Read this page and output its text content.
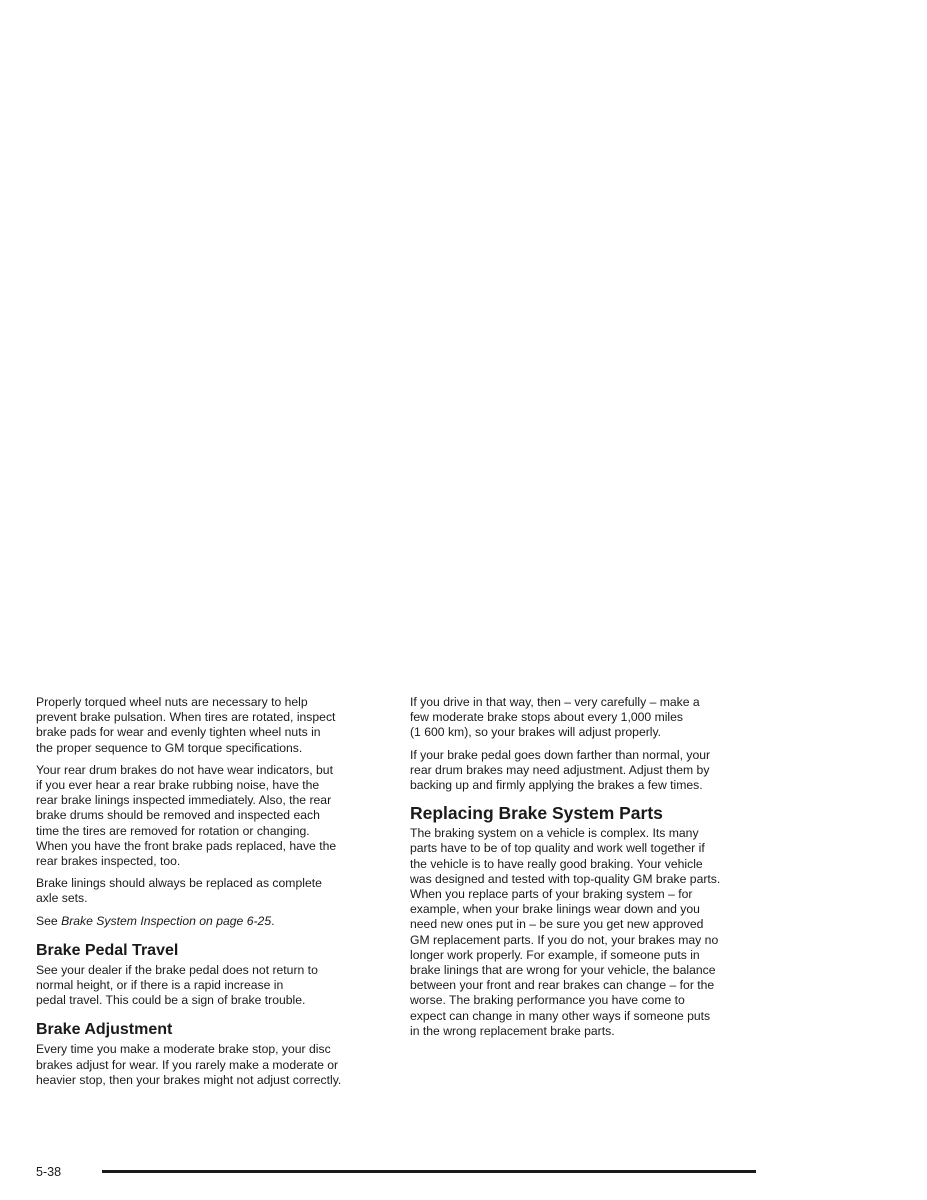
Properly torqued wheel nuts are necessary to help
prevent brake pulsation. When tires are rotated, inspect
brake pads for wear and evenly tighten wheel nuts in
the proper sequence to GM torque specifications.

Your rear drum brakes do not have wear indicators, but
if you ever hear a rear brake rubbing noise, have the
rear brake linings inspected immediately. Also, the rear
brake drums should be removed and inspected each
time the tires are removed for rotation or changing.
When you have the front brake pads replaced, have the
rear brakes inspected, too.

Brake linings should always be replaced as complete
axle sets.

See Brake System Inspection on page 6-25.

Brake Pedal Travel

See your dealer if the brake pedal does not return to
normal height, or if there is a rapid increase in
pedal travel. This could be a sign of brake trouble.

Brake Adjustment

Every time you make a moderate brake stop, your disc
brakes adjust for wear. If you rarely make a moderate or
heavier stop, then your brakes might not adjust correctly.

If you drive in that way, then – very carefully – make a
few moderate brake stops about every 1,000 miles
(1 600 km), so your brakes will adjust properly.

If your brake pedal goes down farther than normal, your
rear drum brakes may need adjustment. Adjust them by
backing up and firmly applying the brakes a few times.

Replacing Brake System Parts

The braking system on a vehicle is complex. Its many
parts have to be of top quality and work well together if
the vehicle is to have really good braking. Your vehicle
was designed and tested with top-quality GM brake parts.
When you replace parts of your braking system – for
example, when your brake linings wear down and you
need new ones put in – be sure you get new approved
GM replacement parts. If you do not, your brakes may no
longer work properly. For example, if someone puts in
brake linings that are wrong for your vehicle, the balance
between your front and rear brakes can change – for the
worse. The braking performance you have come to
expect can change in many other ways if someone puts
in the wrong replacement brake parts.

5-38
